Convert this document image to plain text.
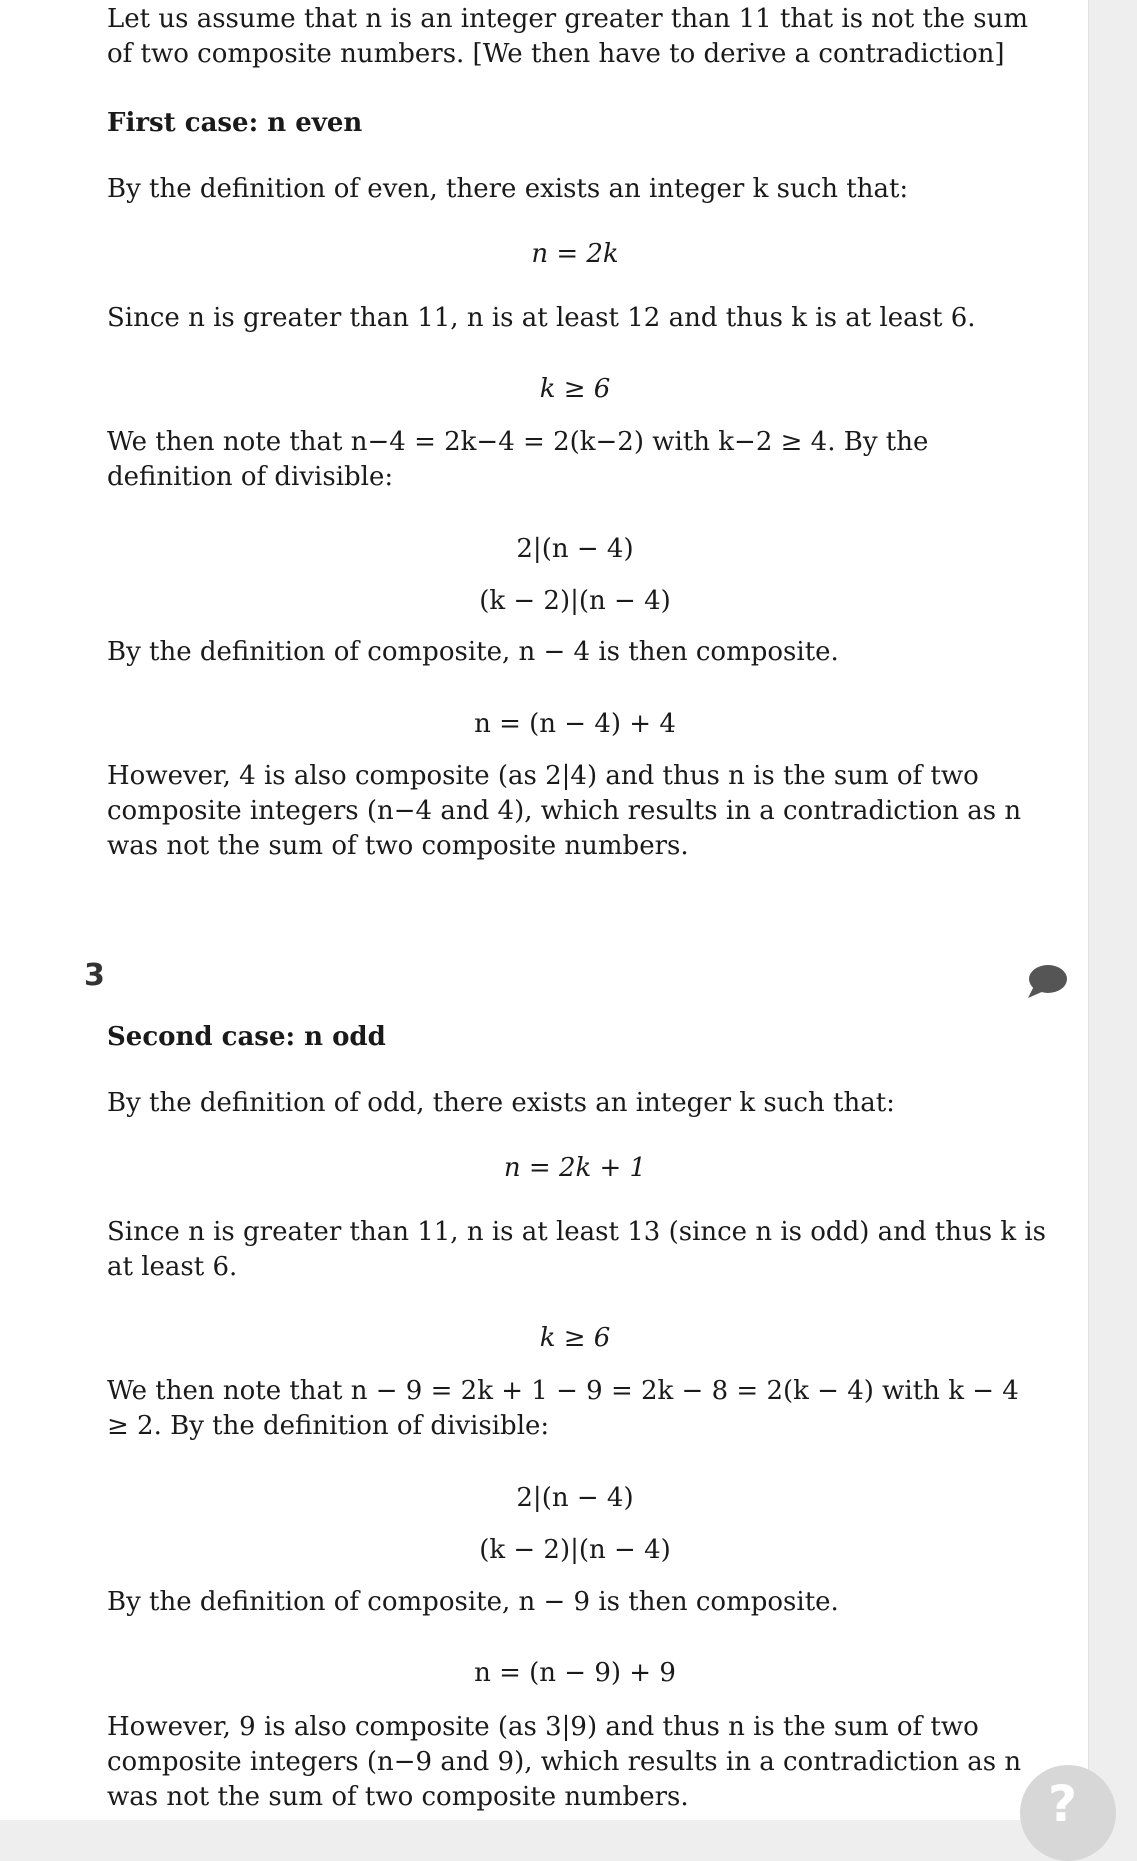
Let us assume that n is an integer greater than 11 that is not the sum of two composite numbers. [We then have to derive a contradiction]

First case: n even

By the definition of even, there exists an integer k such that:

n = 2k

Since n is greater than 11, n is at least 12 and thus k is at least 6.

k ≥ 6

We then note that n−4 = 2k−4 = 2(k−2) with k−2 ≥ 4. By the definition of divisible:

2|(n − 4)
(k − 2)|(n − 4)

By the definition of composite, n − 4 is then composite.

n = (n − 4) + 4

However, 4 is also composite (as 2|4) and thus n is the sum of two composite integers (n−4 and 4), which results in a contradiction as n was not the sum of two composite numbers.

3

Second case: n odd

By the definition of odd, there exists an integer k such that:

n = 2k + 1

Since n is greater than 11, n is at least 13 (since n is odd) and thus k is at least 6.

k ≥ 6

We then note that n − 9 = 2k + 1 − 9 = 2k − 8 = 2(k − 4) with k − 4 ≥ 2. By the definition of divisible:

2|(n − 4)
(k − 2)|(n − 4)

By the definition of composite, n − 9 is then composite.

n = (n − 9) + 9

However, 9 is also composite (as 3|9) and thus n is the sum of two composite integers (n−9 and 9), which results in a contradiction as n was not the sum of two composite numbers.	?
